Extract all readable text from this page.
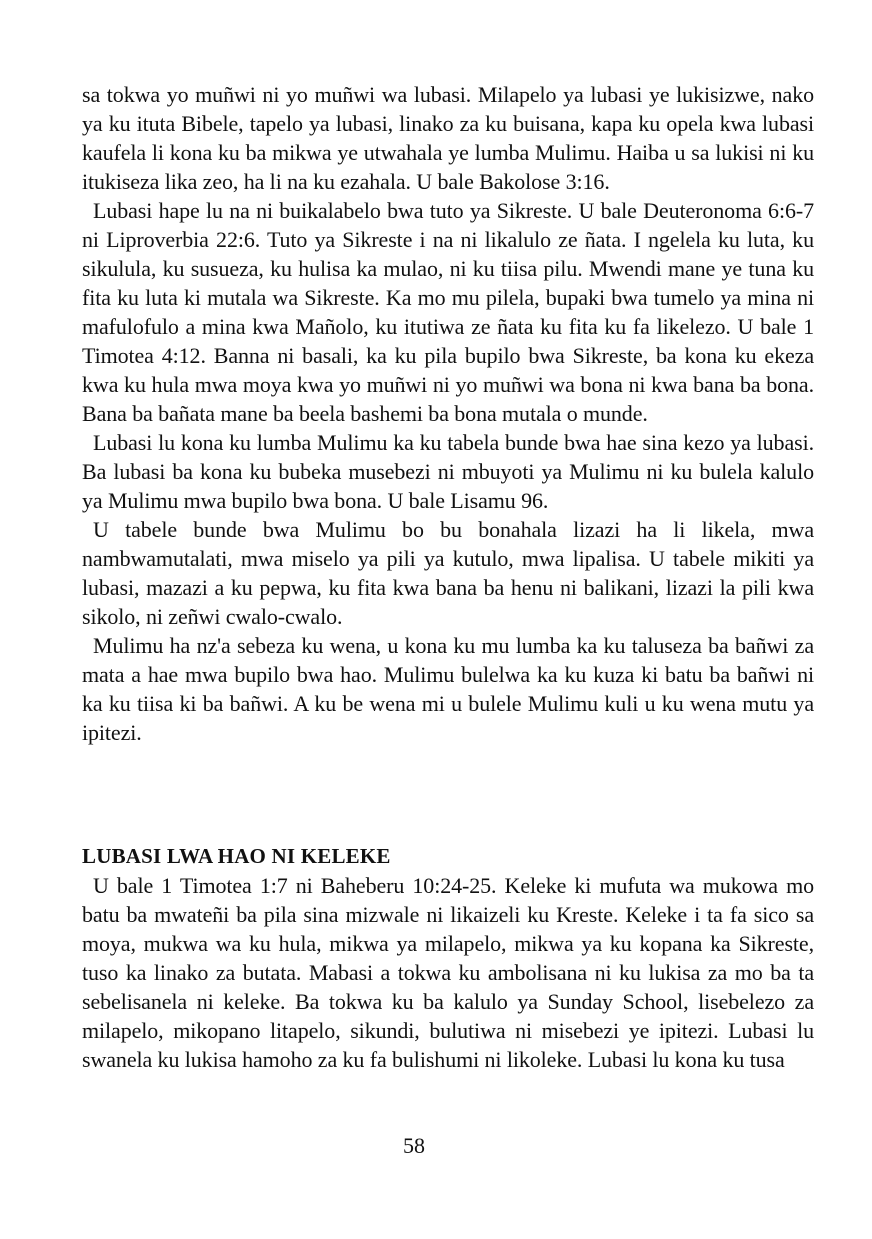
sa tokwa yo muñwi ni yo muñwi wa lubasi. Milapelo ya lubasi ye lukisizwe, nako ya ku ituta Bibele, tapelo ya lubasi, linako za ku buisana, kapa ku opela kwa lubasi kaufela li kona ku ba mikwa ye utwahala ye lumba Mulimu. Haiba u sa lukisi ni ku itukiseza lika zeo, ha li na ku ezahala. U bale Bakolose 3:16.

Lubasi hape lu na ni buikalabelo bwa tuto ya Sikreste. U bale Deuteronoma 6:6-7 ni Liproverbia 22:6. Tuto ya Sikreste i na ni likalulo ze ñata. I ngelela ku luta, ku sikulula, ku susueza, ku hulisa ka mulao, ni ku tiisa pilu. Mwendi mane ye tuna ku fita ku luta ki mutala wa Sikreste. Ka mo mu pilela, bupaki bwa tumelo ya mina ni mafulofulo a mina kwa Mañolo, ku itutiwa ze ñata ku fita ku fa likelezo. U bale 1 Timotea 4:12. Banna ni basali, ka ku pila bupilo bwa Sikreste, ba kona ku ekeza kwa ku hula mwa moya kwa yo muñwi ni yo muñwi wa bona ni kwa bana ba bona. Bana ba bañata mane ba beela bashemi ba bona mutala o munde.

Lubasi lu kona ku lumba Mulimu ka ku tabela bunde bwa hae sina kezo ya lubasi. Ba lubasi ba kona ku bubeka musebezi ni mbuyoti ya Mulimu ni ku bulela kalulo ya Mulimu mwa bupilo bwa bona. U bale Lisamu 96.

U tabele bunde bwa Mulimu bo bu bonahala lizazi ha li likela, mwa nambwamutalati, mwa miselo ya pili ya kutulo, mwa lipalisa. U tabele mikiti ya lubasi, mazazi a ku pepwa, ku fita kwa bana ba henu ni balikani, lizazi la pili kwa sikolo, ni zeñwi cwalo-cwalo.

Mulimu ha nz'a sebeza ku wena, u kona ku mu lumba ka ku taluseza ba bañwi za mata a hae mwa bupilo bwa hao. Mulimu bulelwa ka ku kuza ki batu ba bañwi ni ka ku tiisa ki ba bañwi. A ku be wena mi u bulele Mulimu kuli u ku wena mutu ya ipitezi.

LUBASI LWA HAO NI KELEKE

U bale 1 Timotea 1:7 ni Baheberu 10:24-25. Keleke ki mufuta wa mukowa mo batu ba mwateñi ba pila sina mizwale ni likaizeli ku Kreste. Keleke i ta fa sico sa moya, mukwa wa ku hula, mikwa ya milapelo, mikwa ya ku kopana ka Sikreste, tuso ka linako za butata. Mabasi a tokwa ku ambolisana ni ku lukisa za mo ba ta sebelisanela ni keleke. Ba tokwa ku ba kalulo ya Sunday School, lisebelezo za milapelo, mikopano litapelo, sikundi, bulutiwa ni misebezi ye ipitezi. Lubasi lu swanela ku lukisa hamoho za ku fa bulishumi ni likoleke. Lubasi lu kona ku tusa

58
